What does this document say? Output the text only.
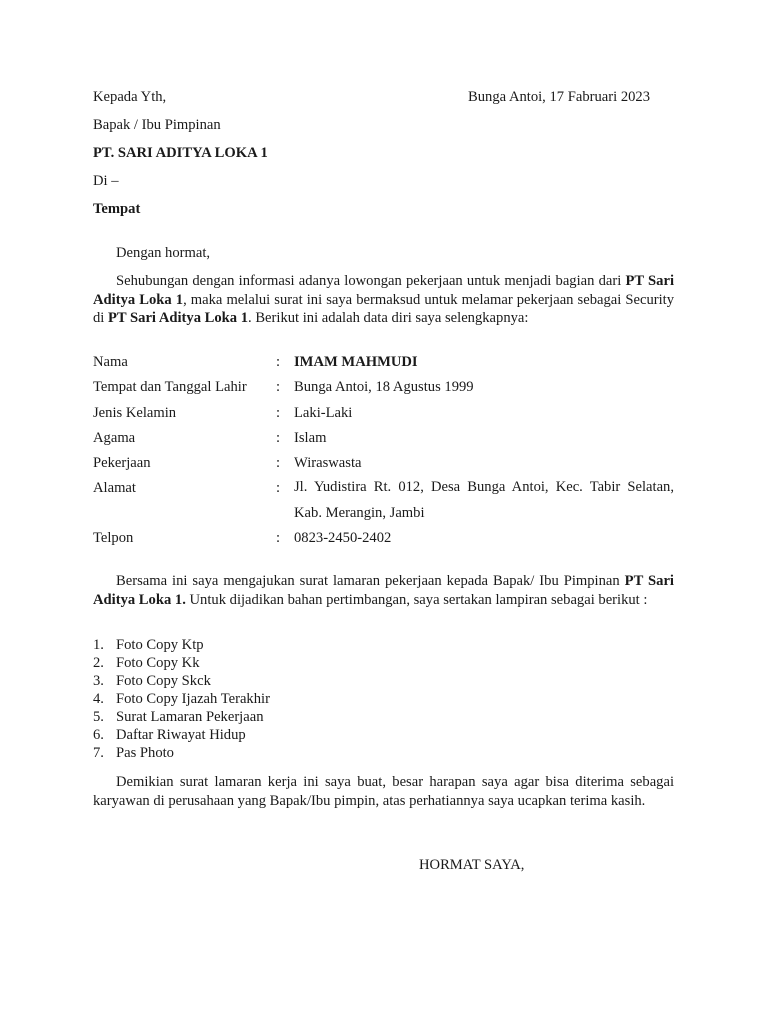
Kepada Yth,	Bunga Antoi, 17 Fabruari 2023
Bapak / Ibu Pimpinan
PT. SARI ADITYA LOKA 1
Di –
Tempat
Dengan hormat,

Sehubungan dengan informasi adanya lowongan pekerjaan untuk menjadi bagian dari PT Sari Aditya Loka 1, maka melalui surat ini saya bermaksud untuk melamar pekerjaan sebagai Security di PT Sari Aditya Loka 1. Berikut ini adalah data diri saya selengkapnya:

Nama	: IMAM MAHMUDI
Tempat dan Tanggal Lahir : Bunga Antoi, 18 Agustus 1999
Jenis Kelamin	: Laki-Laki
Agama	: Islam
Pekerjaan	: Wiraswasta
Alamat	: Jl. Yudistira Rt. 012, Desa Bunga Antoi, Kec. Tabir Selatan,
Kab. Merangin, Jambi
Telpon	: 0823-2450-2402

Bersama ini saya mengajukan surat lamaran pekerjaan kepada Bapak/ Ibu Pimpinan PT Sari Aditya Loka 1. Untuk dijadikan bahan pertimbangan, saya sertakan lampiran sebagai berikut :

1. Foto Copy Ktp
2. Foto Copy Kk
3. Foto Copy Skck
4. Foto Copy Ijazah Terakhir
5. Surat Lamaran Pekerjaan
6. Daftar Riwayat Hidup
7. Pas Photo

Demikian surat lamaran kerja ini saya buat, besar harapan saya agar bisa diterima sebagai karyawan di perusahaan yang Bapak/Ibu pimpin, atas perhatiannya saya ucapkan terima kasih.

HORMAT SAYA,
